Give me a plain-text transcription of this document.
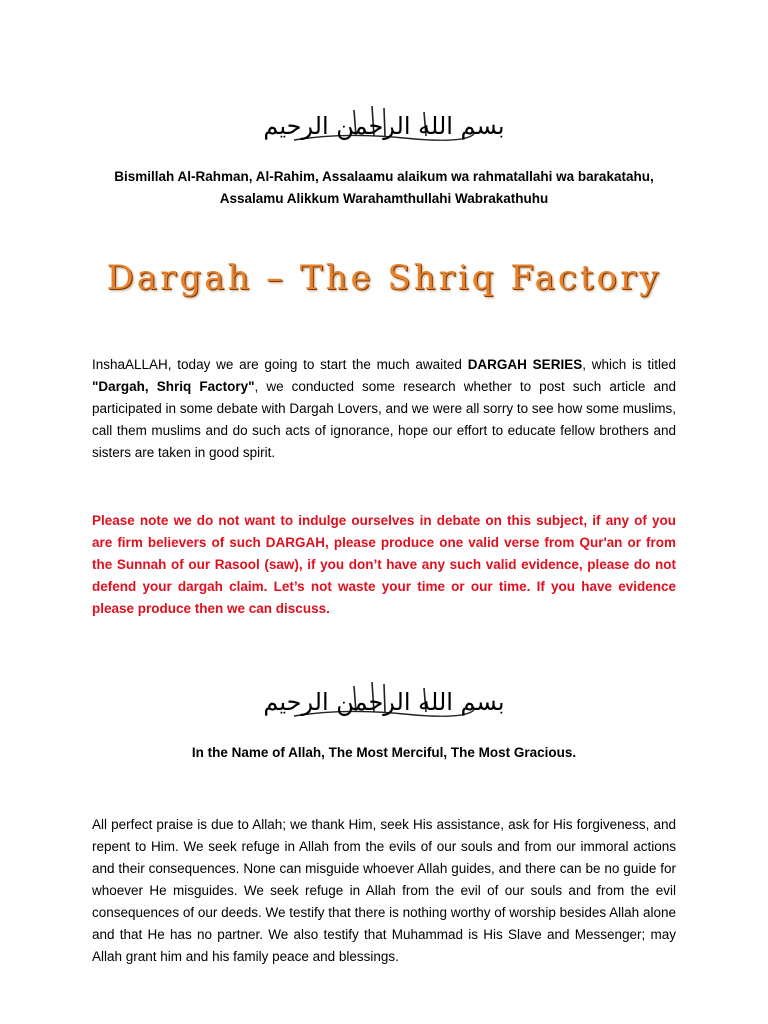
بسم الله الرحمن الرحيم
Bismillah Al-Rahman, Al-Rahim, Assalaamu alaikum wa rahmatallahi wa barakatahu,
Assalamu Alikkum Warahamthullahi Wabrakathuhu
Dargah – The Shriq Factory
InshaALLAH, today we are going to start the much awaited DARGAH SERIES, which is titled "Dargah, Shriq Factory", we conducted some research whether to post such article and participated in some debate with Dargah Lovers, and we were all sorry to see how some muslims, call them muslims and do such acts of ignorance, hope our effort to educate fellow brothers and sisters are taken in good spirit.
Please note we do not want to indulge ourselves in debate on this subject, if any of you are firm believers of such DARGAH, please produce one valid verse from Qur'an or from the Sunnah of our Rasool (saw), if you don’t have any such valid evidence, please do not defend your dargah claim. Let’s not waste your time or our time. If you have evidence please produce then we can discuss.
بسم الله الرحمن الرحيم
In the Name of Allah, The Most Merciful, The Most Gracious.
All perfect praise is due to Allah; we thank Him, seek His assistance, ask for His forgiveness, and repent to Him. We seek refuge in Allah from the evils of our souls and from our immoral actions and their consequences. None can misguide whoever Allah guides, and there can be no guide for whoever He misguides. We seek refuge in Allah from the evil of our souls and from the evil consequences of our deeds. We testify that there is nothing worthy of worship besides Allah alone and that He has no partner. We also testify that Muhammad is His Slave and Messenger; may Allah grant him and his family peace and blessings.
